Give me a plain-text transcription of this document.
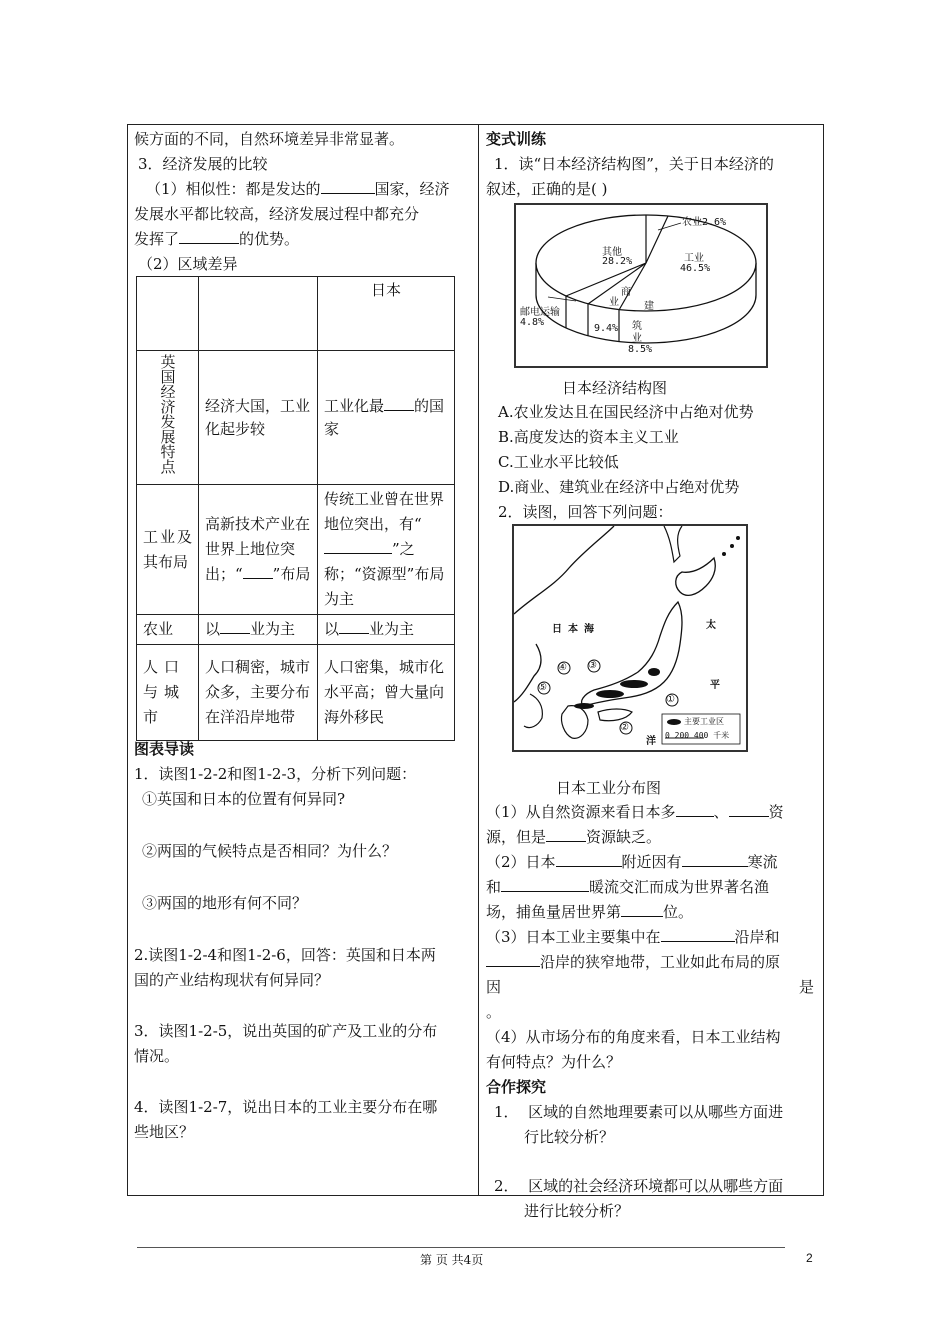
候方面的不同，自然环境差异非常显著。
3．经济发展的比较
（1）相似性：都是发达的	国家，经济
发展水平都比较高，经济发展过程中都充分
发挥了	的优势。
（2）区域差异
		日本
英国经济发展特点	经济大国，工业化起步较	工业化最 的国家
工业及其布局	高新技术产业在世界上地位突出；“ ”布局	传统工业曾在世界地位突出，有“”之称；“资源型”布局为主
农业	以 业为主	以 业为主
人口与城市	人口稠密，城市众多，主要分布在洋沿岸地带	人口密集，城市化水平高；曾大量向海外移民
图表导读
1．读图1-2-2和图1-2-3，分析下列问题：
①英国和日本的位置有何异同?
②两国的气候特点是否相同？为什么？
③两国的地形有何不同？
2.读图1-2-4和图1-2-6，回答：英国和日本两
国的产业结构现状有何异同？
3．读图1-2-5，说出英国的矿产及工业的分布
情况。
4．读图1-2-7，说出日本的工业主要分布在哪
些地区？
变式训练
1．读“日本经济结构图”，关于日本经济的
叙述，正确的是( )
农业2.6%
其他
28.2%	工业
46.5%
邮电运输
4.8%
业
商
9.4%
建
筑
业
8.5%
日本经济结构图
A.农业发达且在国民经济中占绝对优势
B.高度发达的资本主义工业
C.工业水平比较低
D.商业、建筑业在经济中占绝对优势
2．读图，回答下列问题：
日 本 海	太
平
洋
①
②
③
④
⑤
主要工业区
0 200 400 千米
日本工业分布图
（1）从自然资源来看日本多	、	资
源，但是	资源缺乏。
（2）日本	附近因有	寒流
和	暖流交汇而成为世界著名渔
场，捕鱼量居世界第	位。
（3）日本工业主要集中在	沿岸和
沿岸的狭窄地带，工业如此布局的原
因	是
。
（4）从市场分布的角度来看，日本工业结构
有何特点？为什么？
合作探究
1． 区域的自然地理要素可以从哪些方面进
行比较分析？
2． 区域的社会经济环境都可以从哪些方面
进行比较分析？
第 页 共4页	2
